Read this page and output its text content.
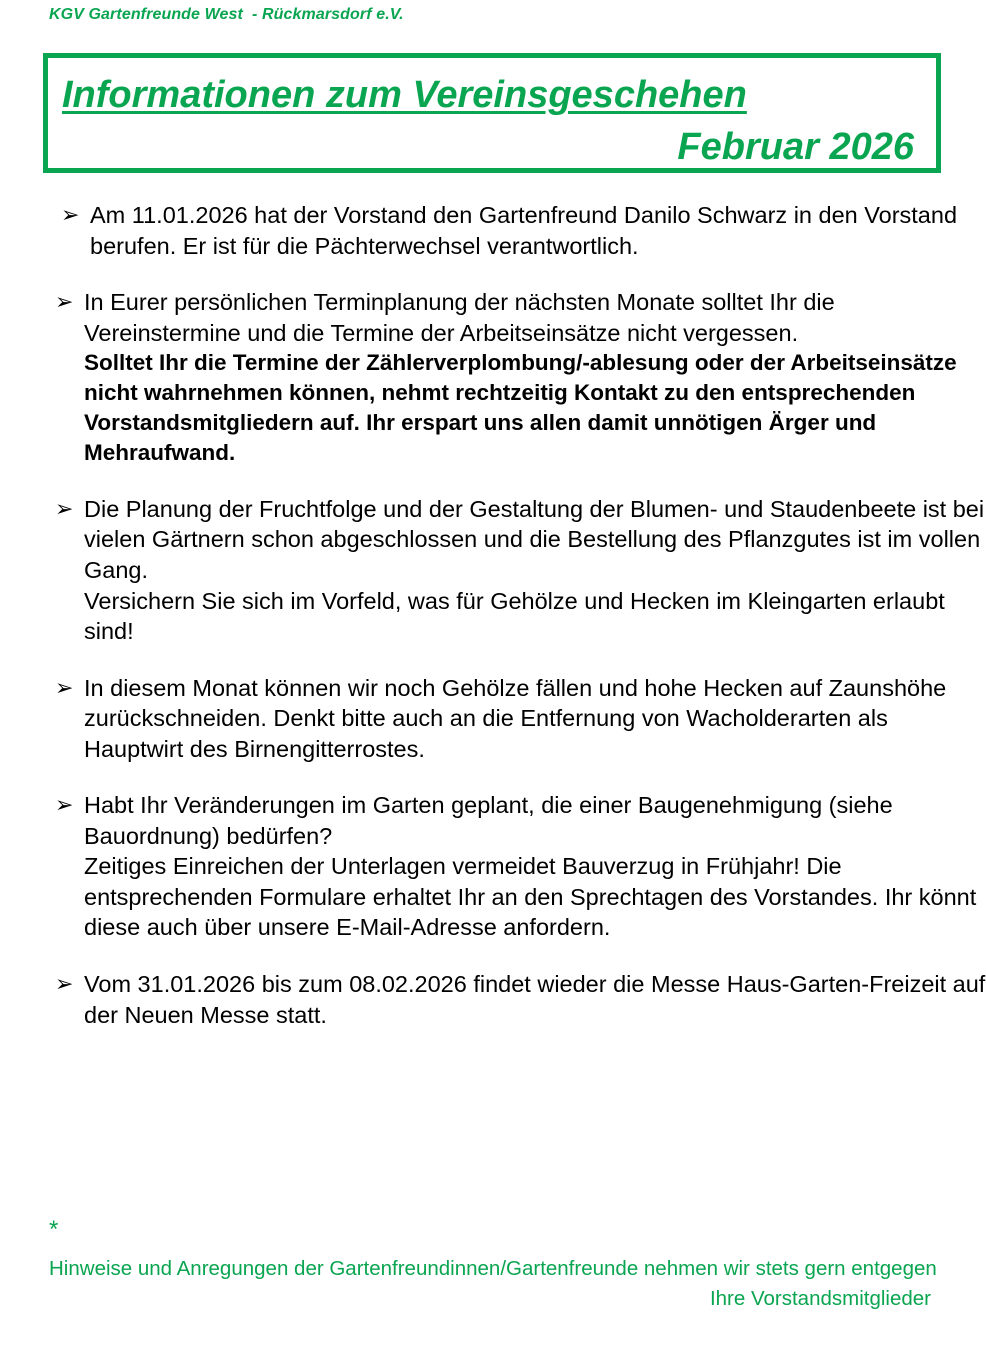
KGV Gartenfreunde West  - Rückmarsdorf e.V.
Informationen zum Vereinsgeschehen
Februar 2026
➢ Am 11.01.2026 hat der Vorstand den Gartenfreund Danilo Schwarz in den Vorstand berufen. Er ist für die Pächterwechsel verantwortlich.

➢ In Eurer persönlichen Terminplanung der nächsten Monate solltet Ihr die Vereinstermine und die Termine der Arbeitseinsätze nicht vergessen.

Solltet Ihr die Termine der Zählerverplombung/-ablesung oder der Arbeitseinsätze nicht wahrnehmen können, nehmt rechtzeitig Kontakt zu den entsprechenden Vorstandsmitgliedern auf. Ihr erspart uns allen damit unnötigen Ärger und Mehraufwand.

➢ Die Planung der Fruchtfolge und der Gestaltung der Blumen- und Staudenbeete ist bei vielen Gärtnern schon abgeschlossen und die Bestellung des Pflanzgutes ist im vollen Gang.

Versichern Sie sich im Vorfeld, was für Gehölze und Hecken im Kleingarten erlaubt sind!

➢ In diesem Monat können wir noch Gehölze fällen und hohe Hecken auf Zaunshöhe zurückschneiden. Denkt bitte auch an die Entfernung von Wacholderarten als Hauptwirt des Birnengitterrostes.

➢ Habt Ihr Veränderungen im Garten geplant, die einer Baugenehmigung (siehe Bauordnung) bedürfen?

Zeitiges Einreichen der Unterlagen vermeidet Bauverzug in Frühjahr! Die entsprechenden Formulare erhaltet Ihr an den Sprechtagen des Vorstandes. Ihr könnt diese auch über unsere E-Mail-Adresse anfordern.

➢ Vom 31.01.2026 bis zum 08.02.2026 findet wieder die Messe Haus-Garten-Freizeit auf der Neuen Messe statt.

*
Hinweise und Anregungen der Gartenfreundinnen/Gartenfreunde nehmen wir stets gern entgegen
Ihre Vorstandsmitglieder
